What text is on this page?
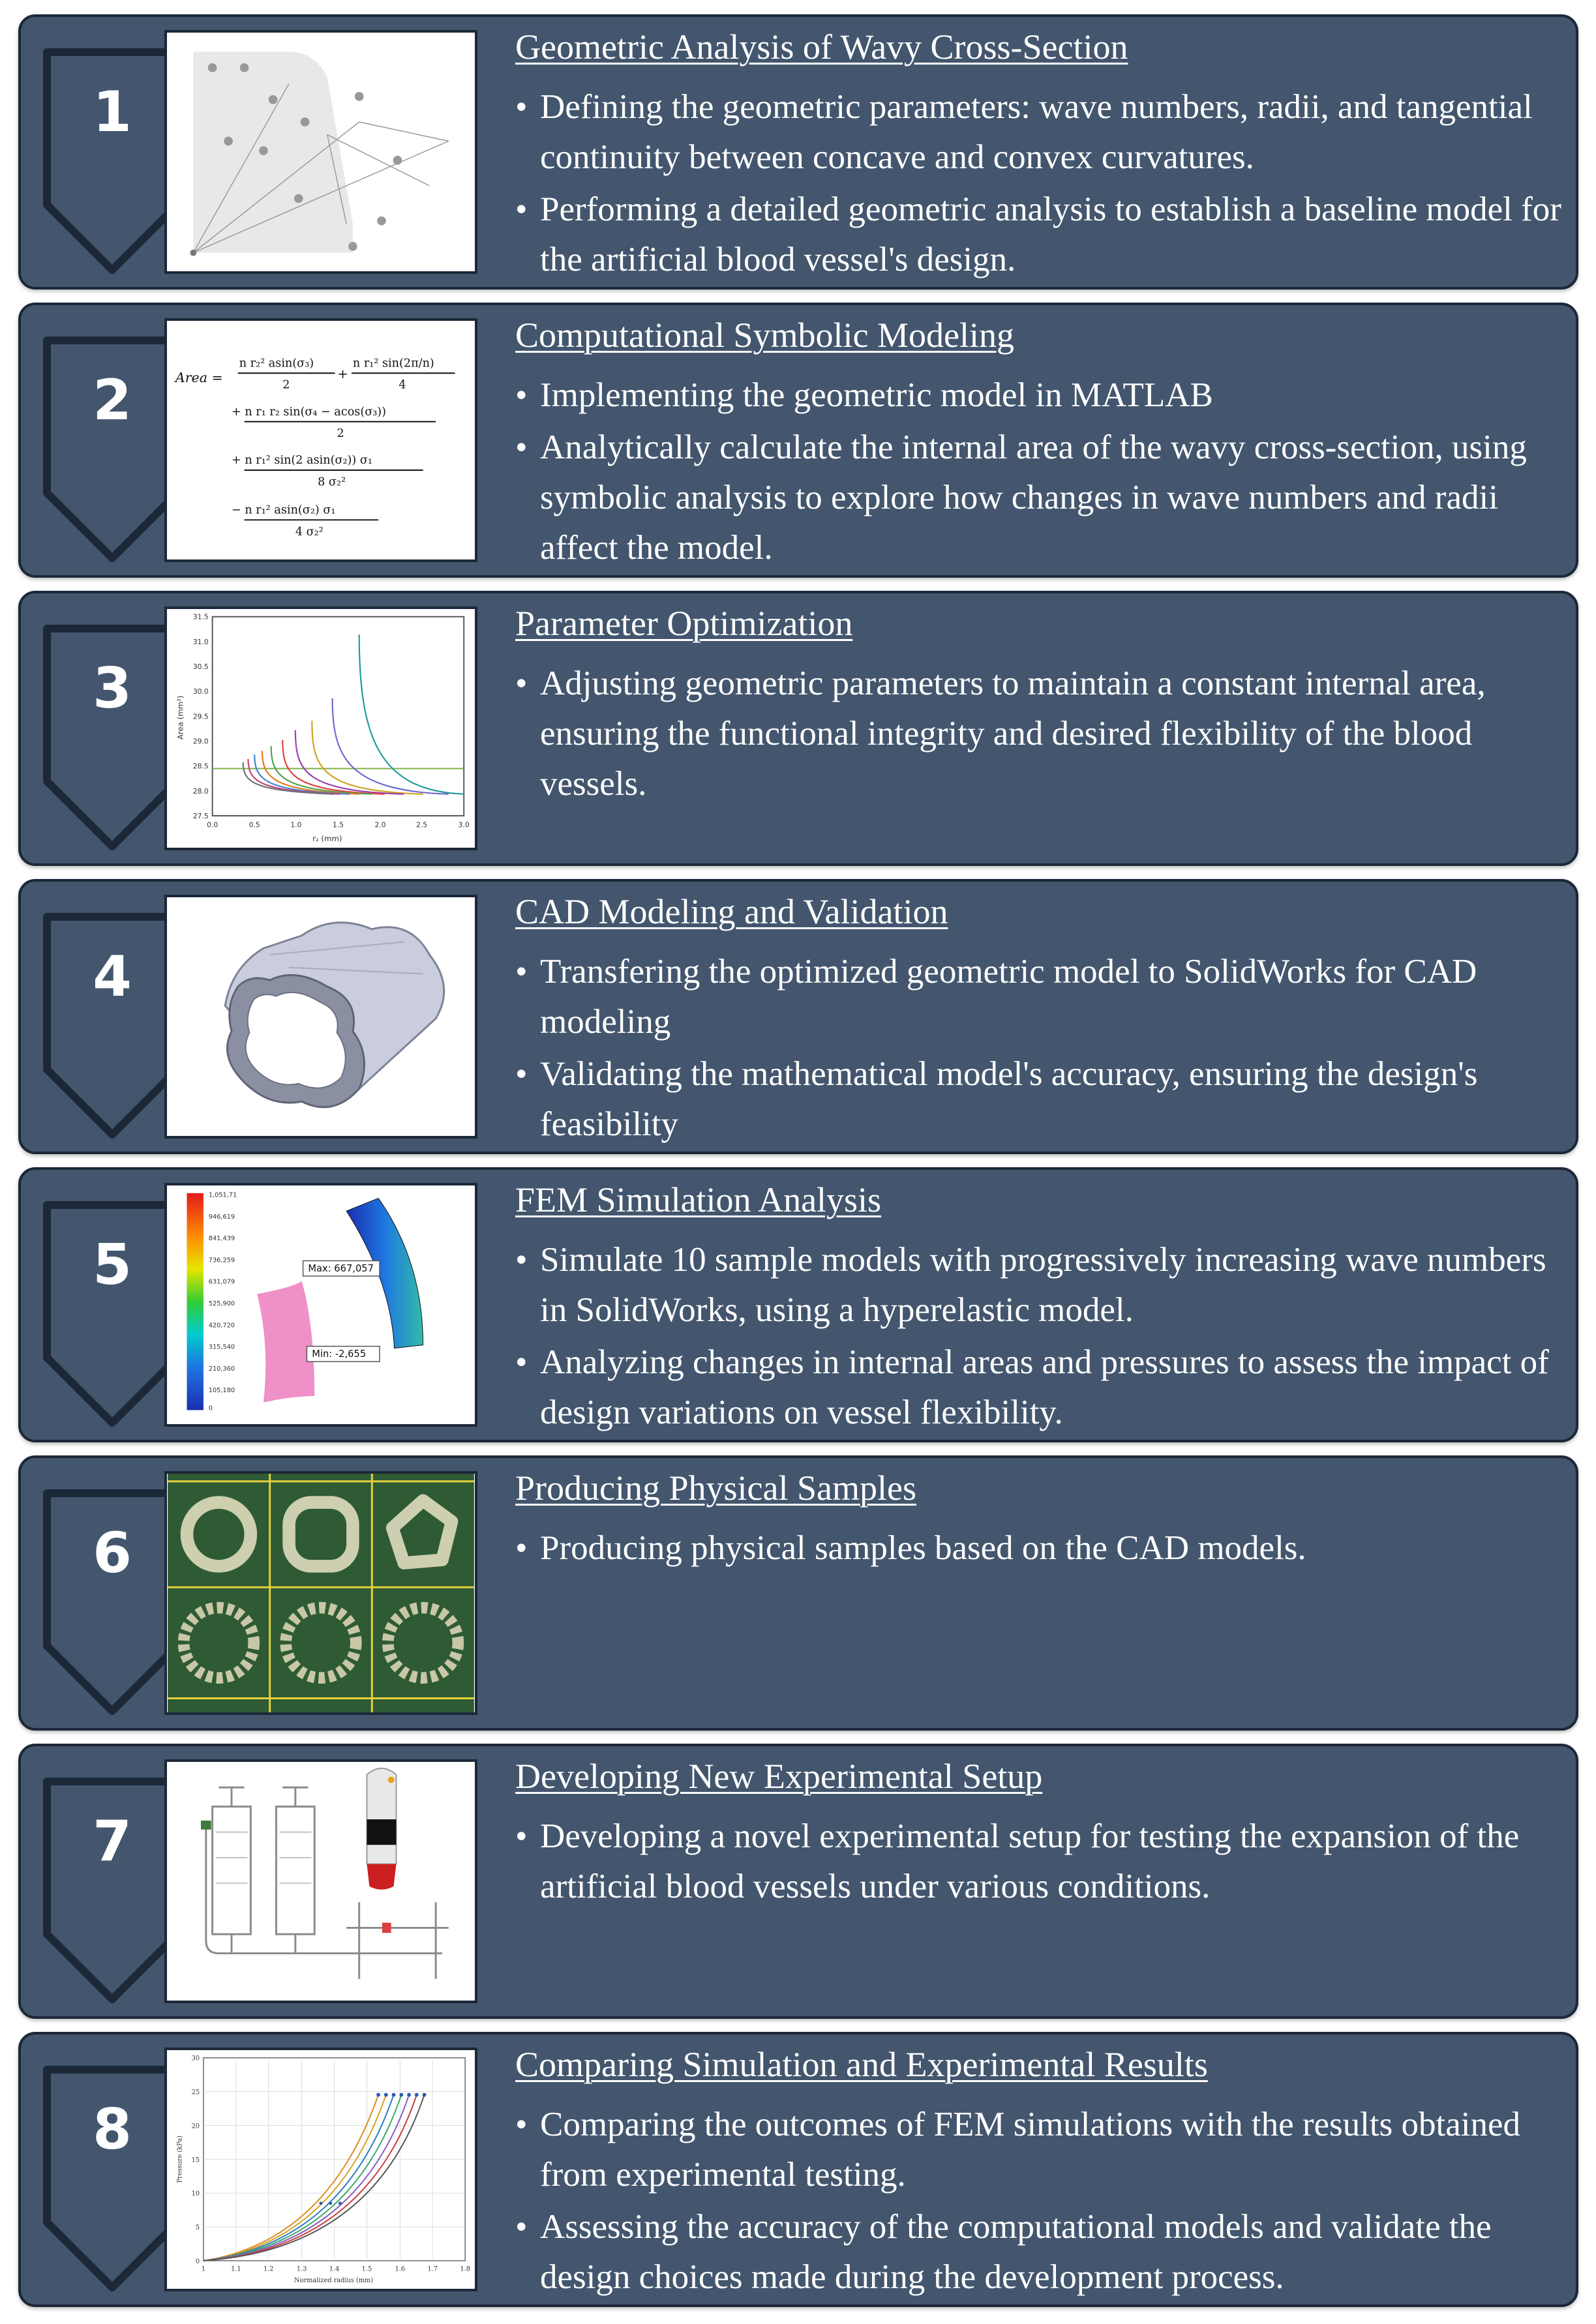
1
Geometric Analysis of Wavy Cross-Section
• Defining the geometric parameters: wave numbers, radii, and tangential continuity between concave and convex curvatures.
• Performing a detailed geometric analysis to establish a baseline model for the artificial blood vessel's design.
2	Area =
n r₂² asin(σ₃)
2
+
n r₁² sin(2π/n)
4
+ n r₁ r₂ sin(σ₄ − acos(σ₃))
2
+ n r₁² sin(2 asin(σ₂)) σ₁
8 σ₂²
− n r₁² asin(σ₂) σ₁
4 σ₂²
Computational Symbolic Modeling
• Implementing the geometric model in MATLAB
• Analytically calculate the internal area of the wavy cross-section, using symbolic analysis to explore how changes in wave numbers and radii affect the model.
3
31.5
31.0
30.5
30.0
29.5
29.0
28.5
28.0
27.5
0.0	0.5	1.0	1.5	2.0	2.5	3.0
r₂ (mm)
Area (mm²)
Parameter Optimization
• Adjusting geometric parameters to maintain a constant internal area, ensuring the functional integrity and desired flexibility of the blood vessels.
4
CAD Modeling and Validation
• Transfering the optimized geometric model to SolidWorks for CAD modeling
• Validating the mathematical model's accuracy, ensuring the design's feasibility
5
1,051,71
946,619
841,439
736,259
631,079
525,900
420,720
315,540
210,360
105,180
0
Max: 667,057
Min: -2,655
FEM Simulation Analysis
• Simulate 10 sample models with progressively increasing wave numbers in SolidWorks, using a hyperelastic model.
• Analyzing changes in internal areas and pressures to assess the impact of design variations on vessel flexibility.
6
Producing Physical Samples
• Producing physical samples based on the CAD models.
7
Developing New Experimental Setup
• Developing a novel experimental setup for testing the expansion of the artificial blood vessels under various conditions.
8
30
25
20
15
10
5
0
1	1.1	1.2	1.3	1.4	1.5	1.6	1.7	1.8
Normalized radius (mm)
Pressure (kPa)
Comparing Simulation and Experimental Results
• Comparing the outcomes of FEM simulations with the results obtained from experimental testing.
• Assessing the accuracy of the computational models and validate the design choices made during the development process.
